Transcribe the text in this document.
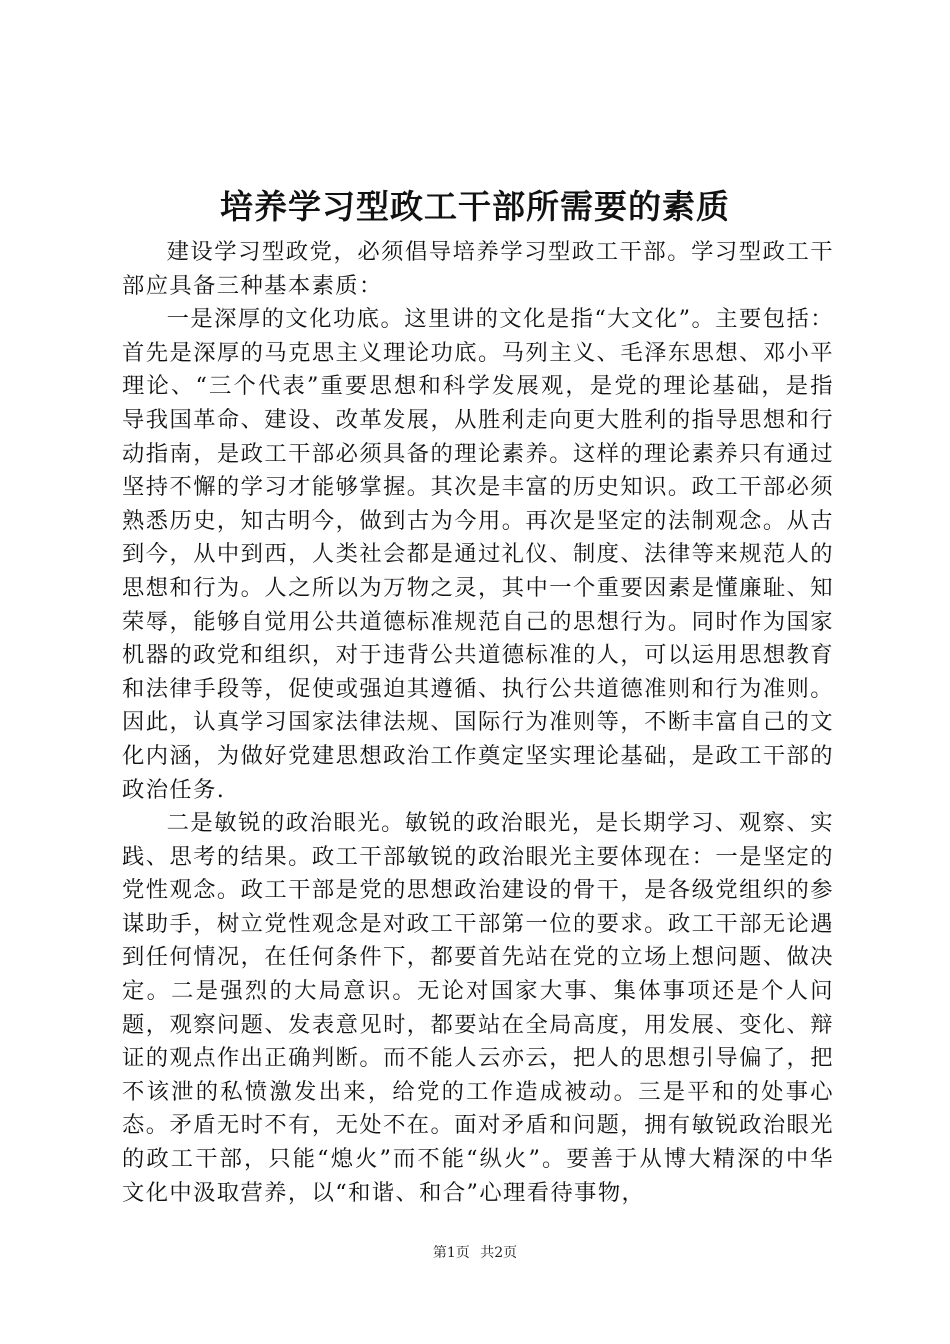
培养学习型政工干部所需要的素质

建设学习型政党，必须倡导培养学习型政工干部。学习型政工干部应具备三种基本素质：

一是深厚的文化功底。这里讲的文化是指“大文化”。主要包括：首先是深厚的马克思主义理论功底。马列主义、毛泽东思想、邓小平理论、“三个代表”重要思想和科学发展观，是党的理论基础，是指导我国革命、建设、改革发展，从胜利走向更大胜利的指导思想和行动指南，是政工干部必须具备的理论素养。这样的理论素养只有通过坚持不懈的学习才能够掌握。其次是丰富的历史知识。政工干部必须熟悉历史，知古明今，做到古为今用。再次是坚定的法制观念。从古到今，从中到西，人类社会都是通过礼仪、制度、法律等来规范人的思想和行为。人之所以为万物之灵，其中一个重要因素是懂廉耻、知荣辱，能够自觉用公共道德标准规范自己的思想行为。同时作为国家机器的政党和组织，对于违背公共道德标准的人，可以运用思想教育和法律手段等，促使或强迫其遵循、执行公共道德准则和行为准则。因此，认真学习国家法律法规、国际行为准则等，不断丰富自己的文化内涵，为做好党建思想政治工作奠定坚实理论基础，是政工干部的政治任务.

二是敏锐的政治眼光。敏锐的政治眼光，是长期学习、观察、实践、思考的结果。政工干部敏锐的政治眼光主要体现在：一是坚定的党性观念。政工干部是党的思想政治建设的骨干，是各级党组织的参谋助手，树立党性观念是对政工干部第一位的要求。政工干部无论遇到任何情况，在任何条件下，都要首先站在党的立场上想问题、做决定。二是强烈的大局意识。无论对国家大事、集体事项还是个人问题，观察问题、发表意见时，都要站在全局高度，用发展、变化、辩证的观点作出正确判断。而不能人云亦云，把人的思想引导偏了，把不该泄的私愤激发出来，给党的工作造成被动。三是平和的处事心态。矛盾无时不有，无处不在。面对矛盾和问题，拥有敏锐政治眼光的政工干部，只能“熄火”而不能“纵火”。要善于从博大精深的中华文化中汲取营养，以“和谐、和合”心理看待事物，

第1页 共2页
